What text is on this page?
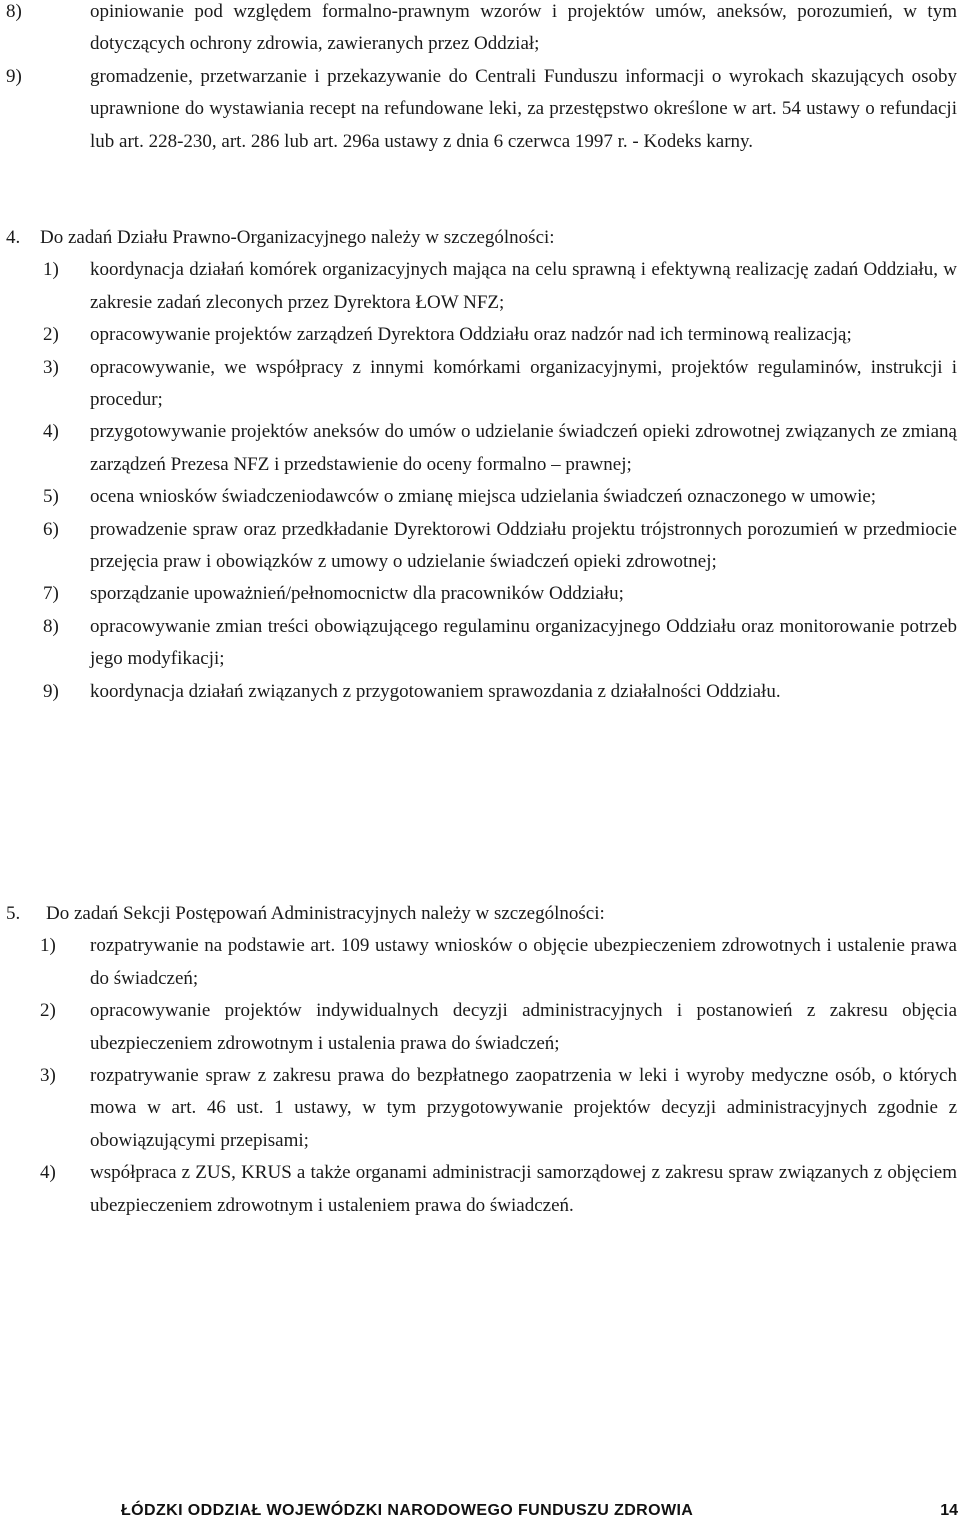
8)	opiniowanie pod względem formalno-prawnym wzorów i projektów umów, aneksów, porozumień, w tym dotyczących ochrony zdrowia, zawieranych przez Oddział;
9)	gromadzenie, przetwarzanie i przekazywanie do Centrali Funduszu informacji o wyrokach skazujących osoby uprawnione do wystawiania recept na refundowane leki, za przestępstwo określone w art. 54 ustawy o refundacji lub art. 228-230, art. 286 lub art. 296a ustawy z dnia 6 czerwca 1997 r. - Kodeks karny.
4. Do zadań Działu Prawno-Organizacyjnego należy w szczególności:
1) koordynacja działań komórek organizacyjnych mająca na celu sprawną i efektywną realizację zadań Oddziału, w zakresie zadań zleconych przez Dyrektora ŁOW NFZ;
2) opracowywanie projektów zarządzeń Dyrektora Oddziału oraz nadzór nad ich terminową realizacją;
3) opracowywanie, we współpracy z innymi komórkami organizacyjnymi, projektów regulaminów, instrukcji i procedur;
4) przygotowywanie projektów aneksów do umów o udzielanie świadczeń opieki zdrowotnej związanych ze zmianą zarządzeń Prezesa NFZ i przedstawienie do oceny formalno – prawnej;
5) ocena wniosków świadczeniodawców o zmianę miejsca udzielania świadczeń oznaczonego w umowie;
6) prowadzenie spraw oraz przedkładanie Dyrektorowi Oddziału projektu trójstronnych porozumień w przedmiocie przejęcia praw i obowiązków z umowy o udzielanie świadczeń opieki zdrowotnej;
7) sporządzanie upoważnień/pełnomocnictw dla pracowników Oddziału;
8) opracowywanie zmian treści obowiązującego regulaminu organizacyjnego Oddziału oraz monitorowanie potrzeb jego modyfikacji;
9) koordynacja działań związanych z przygotowaniem sprawozdania z działalności Oddziału.
5. Do zadań Sekcji Postępowań Administracyjnych należy w szczególności:
1) rozpatrywanie na podstawie art. 109 ustawy wniosków o objęcie ubezpieczeniem zdrowotnych i ustalenie prawa do świadczeń;
2) opracowywanie projektów indywidualnych decyzji administracyjnych i postanowień z zakresu objęcia ubezpieczeniem zdrowotnym i ustalenia prawa do świadczeń;
3) rozpatrywanie spraw z zakresu prawa do bezpłatnego zaopatrzenia w leki i wyroby medyczne osób, o których mowa w art. 46 ust. 1 ustawy, w tym przygotowywanie projektów decyzji administracyjnych zgodnie z obowiązującymi przepisami;
4) współpraca z ZUS, KRUS a także organami administracji samorządowej z zakresu spraw związanych z objęciem ubezpieczeniem zdrowotnym i ustaleniem prawa do świadczeń.
ŁÓDZKI ODDZIAŁ WOJEWÓDZKI NARODOWEGO FUNDUSZU ZDROWIA	14
